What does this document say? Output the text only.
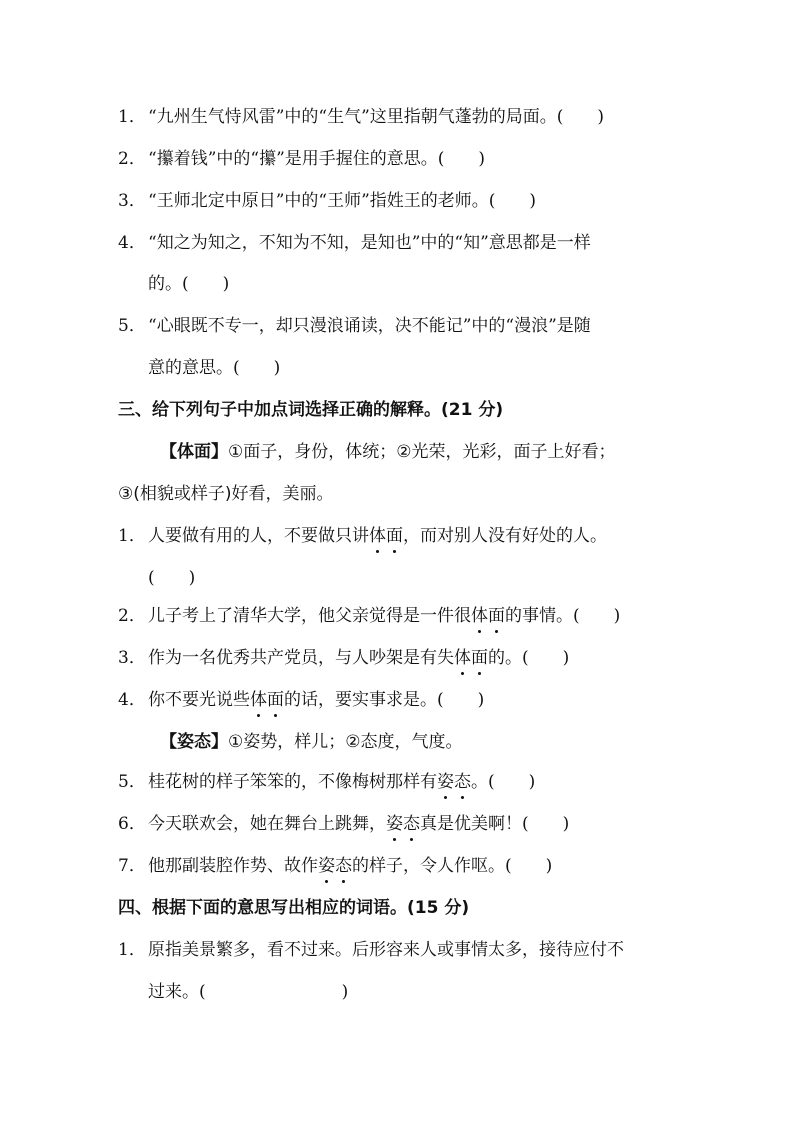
1． “九州生气恃风雷”中的“生气”这里指朝气蓬勃的局面。(　　)
2． “攥着钱”中的“攥”是用手握住的意思。(　　)
3． “王师北定中原日”中的“王师”指姓王的老师。(　　)
4． “知之为知之，不知为不知，是知也”中的“知”意思都是一样
的。(　　)
5． “心眼既不专一，却只漫浪诵读，决不能记”中的“漫浪”是随
意的意思。(　　)
三、给下列句子中加点词选择正确的解释。(21 分)
【体面】①面子，身份，体统；②光荣，光彩，面子上好看；
③(相貌或样子)好看，美丽。
1． 人要做有用的人，不要做只讲体面，而对别人没有好处的人。
(　　)
2． 儿子考上了清华大学，他父亲觉得是一件很体面的事情。(　　)
3． 作为一名优秀共产党员，与人吵架是有失体面的。(　　)
4． 你不要光说些体面的话，要实事求是。(　　)
【姿态】①姿势，样儿；②态度，气度。
5． 桂花树的样子笨笨的，不像梅树那样有姿态。(　　)
6． 今天联欢会，她在舞台上跳舞，姿态真是优美啊！(　　)
7． 他那副装腔作势、故作姿态的样子，令人作呕。(　　)
四、根据下面的意思写出相应的词语。(15 分)
1． 原指美景繁多，看不过来。后形容来人或事情太多，接待应付不
过来。(　　　　　　　　)
